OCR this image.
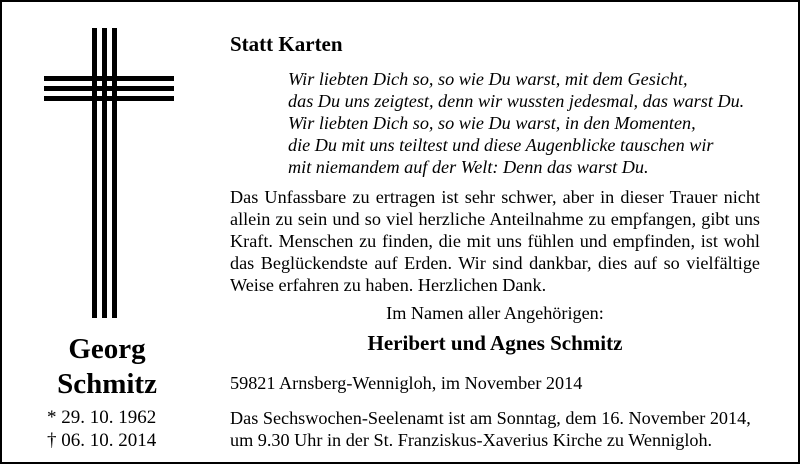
Georg
Schmitz
* 29. 10. 1962
† 06. 10. 2014
Statt Karten
Wir liebten Dich so, so wie Du warst, mit dem Gesicht,
das Du uns zeigtest, denn wir wussten jedesmal, das warst Du.
Wir liebten Dich so, so wie Du warst, in den Momenten,
die Du mit uns teiltest und diese Augenblicke tauschen wir
mit niemandem auf der Welt: Denn das warst Du.
Das Unfassbare zu ertragen ist sehr schwer, aber in dieser Trauer nicht allein zu sein und so viel herzliche Anteilnahme zu empfangen, gibt uns Kraft. Menschen zu finden, die mit uns fühlen und empfinden, ist wohl das Beglückendste auf Erden. Wir sind dankbar, dies auf so vielfältige Weise erfahren zu haben. Herzlichen Dank.
Im Namen aller Angehörigen:
Heribert und Agnes Schmitz
59821 Arnsberg-Wennigloh, im November 2014
Das Sechswochen-Seelenamt ist am Sonntag, dem 16. November 2014,
um 9.30 Uhr in der St. Franziskus-Xaverius Kirche zu Wennigloh.
